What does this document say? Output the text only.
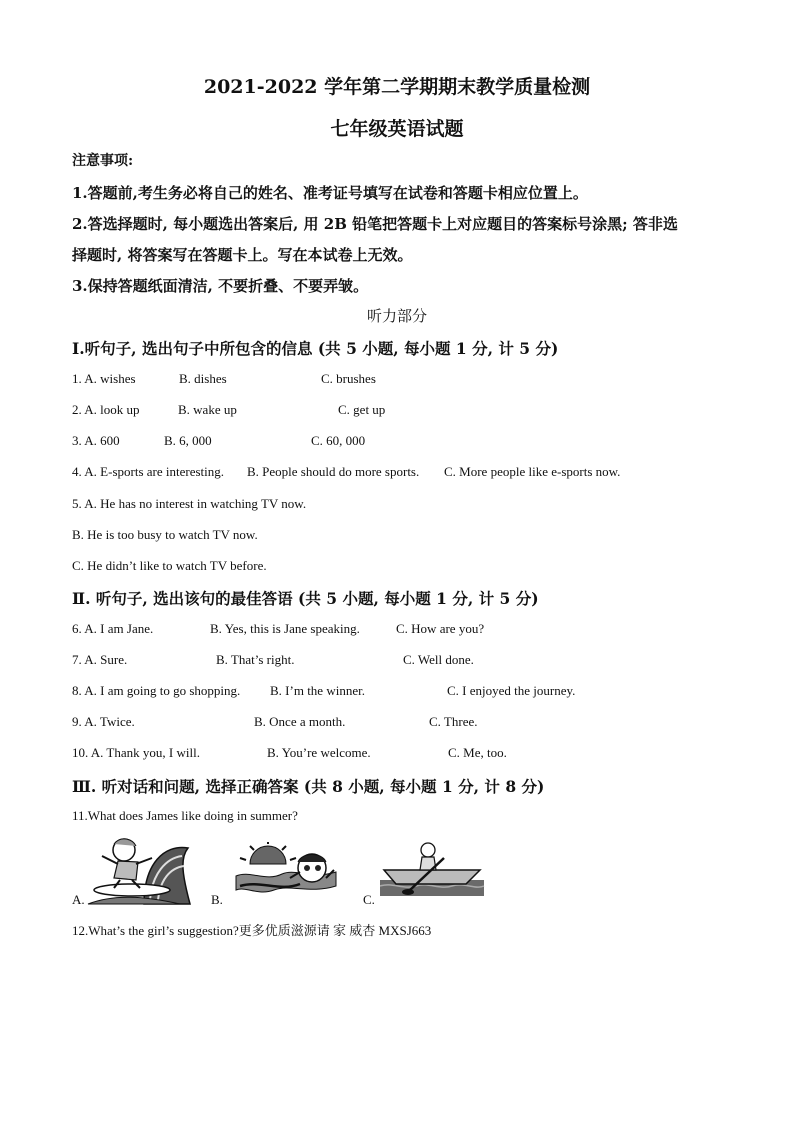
2021-2022 学年第二学期期末教学质量检测
七年级英语试题
注意事项:
1.答题前,考生务必将自己的姓名、准考证号填写在试卷和答题卡相应位置上。
2.答选择题时, 每小题选出答案后, 用 2B 铅笔把答题卡上对应题目的答案标号涂黑; 答非选
择题时, 将答案写在答题卡上。写在本试卷上无效。
3.保持答题纸面清洁, 不要折叠、不要弄皱。
听力部分
I.听句子, 选出句子中所包含的信息 (共 5 小题, 每小题 1 分, 计 5 分)
1. A. wishes	B. dishes	C. brushes
2. A. look up	B. wake up	C. get up
3. A. 600	B. 6, 000	C. 60, 000
4. A. E-sports are interesting. B. People should do more sports. C. More people like e-sports now.
5. A. He has no interest in watching TV now.
B. He is too busy to watch TV now.
C. He didn’t like to watch TV before.
Ⅱ. 听句子, 选出该句的最佳答语 (共 5 小题, 每小题 1 分, 计 5 分)
6. A. I am Jane.	B. Yes, this is Jane speaking.	C. How are you?
7. A. Sure.	B. That’s right.	C. Well done.
8. A. I am going to go shopping. B. I’m the winner.	C. I enjoyed the journey.
9. A. Twice.	B. Once a month.	C. Three.
10. A. Thank you, I will.	B. You’re welcome.	C. Me, too.
Ⅲ. 听对话和问题, 选择正确答案 (共 8 小题, 每小题 1 分, 计 8 分)
11.What does James like doing in summer?
A.	B.	C.
12.What’s the girl’s suggestion?更多优质滋源请 家 威杏 MXSJ663
